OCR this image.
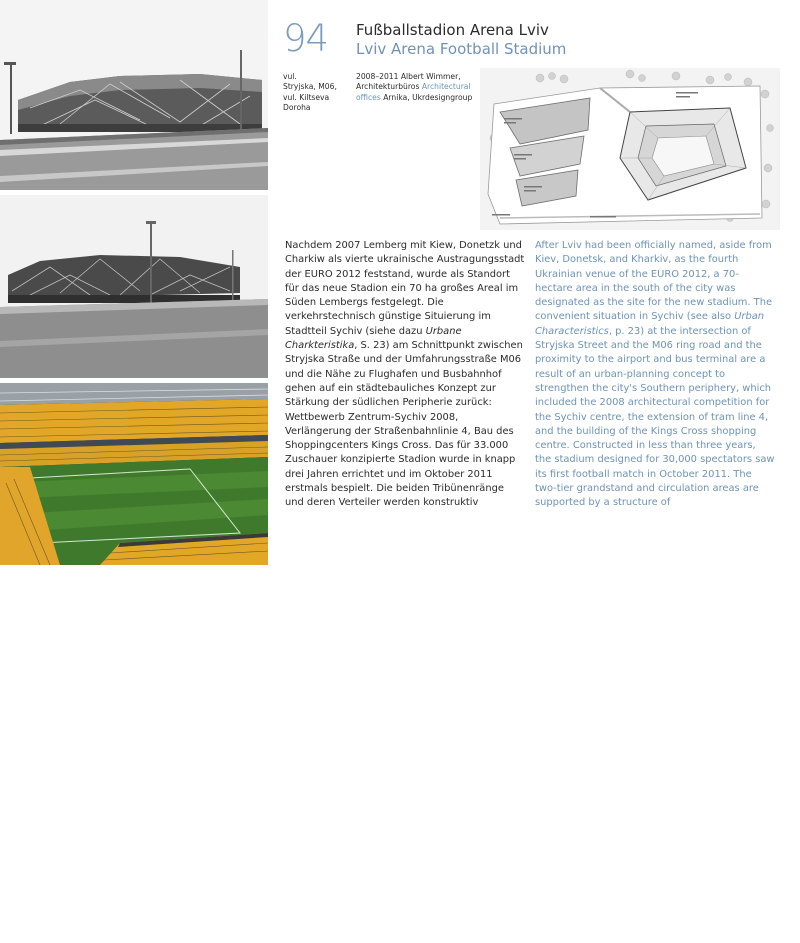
168
94 Fußballstadion Arena Lviv
Lviv Arena Football Stadium
vul.
Stryjska, M06,
vul. Kiltseva
Doroha
2008–2011 Albert Wimmer,
Architekturbüros Architectural
offices Arnika, Ukrdesigngroup

Nachdem 2007 Lemberg mit Kiew, Donetzk und Charkiw als vierte ukrainische Austragungsstadt der EURO 2012 feststand, wurde als Standort für das neue Stadion ein 70 ha großes Areal im Süden Lembergs festgelegt. Die verkehrstechnisch günstige Situierung im Stadtteil Sychiv (siehe dazu Urbane Charkteristika, S. 23) am Schnittpunkt zwischen Stryjska Straße und der Umfahrungsstraße M06 und die Nähe zu Flughafen und Busbahnhof gehen auf ein städtebauliches Konzept zur Stärkung der südlichen Peripherie zurück: Wettbewerb Zentrum-Sychiv 2008, Verlängerung der Straßenbahnlinie 4, Bau des Shoppingcenters Kings Cross. Das für 33.000 Zuschauer konzipierte Stadion wurde in knapp drei Jahren errichtet und im Oktober 2011 erstmals bespielt. Die beiden Tribünenränge und deren Verteiler werden konstruktiv

After Lviv had been officially named, aside from Kiev, Donetsk, and Kharkiv, as the fourth Ukrainian venue of the EURO 2012, a 70-hectare area in the south of the city was designated as the site for the new stadium. The convenient situation in Sychiv (see also Urban Characteristics, p. 23) at the intersection of Stryjska Street and the M06 ring road and the proximity to the airport and bus terminal are a result of an urban-planning concept to strengthen the city's Southern periphery, which included the 2008 architectural competition for the Sychiv centre, the extension of tram line 4, and the building of the Kings Cross shopping centre. Constructed in less than three years, the stadium designed for 30,000 spectators saw its first football match in October 2011. The two-tier grandstand and circulation areas are supported by a structure of
